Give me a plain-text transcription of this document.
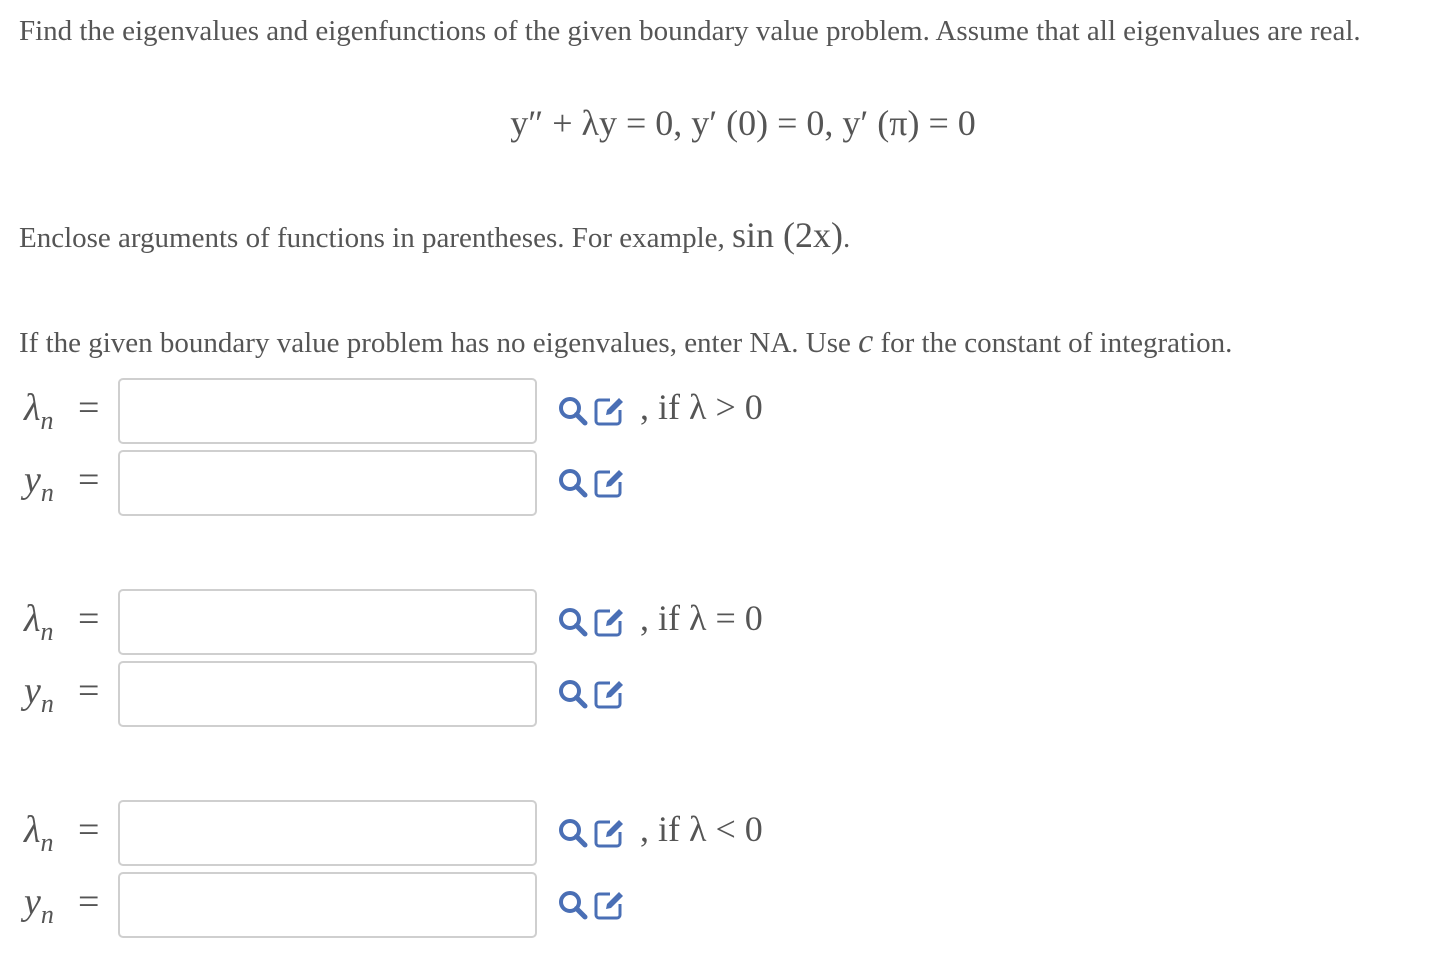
Find the eigenvalues and eigenfunctions of the given boundary value problem. Assume that all eigenvalues are real.

y″ + λy = 0, y′ (0) = 0, y′ (π) = 0

Enclose arguments of functions in parentheses. For example, sin (2x).

If the given boundary value problem has no eigenvalues, enter NA. Use c for the constant of integration.

$\lambda_n$ =	, if λ > 0
$y_n$ =
$\lambda_n$ =	, if λ = 0
$y_n$ =
$\lambda_n$ =	, if λ < 0
$y_n$ =
